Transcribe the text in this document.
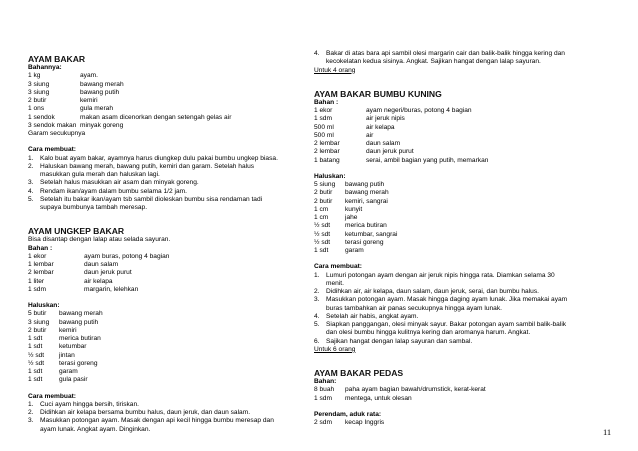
AYAM BAKAR
Bahannya:
1 kg	ayam.
3 siung	bawang merah
3 siung	bawang putih
2 butir	kemiri
1 ons	gula merah
1 sendok	makan asam dicenorkan dengan setengah gelas air
3 sendok makan minyak goreng
Garam secukupnya
Cara membuat:
1. Kalo buat ayam bakar, ayamnya harus diungkep dulu pakai bumbu ungkep biasa.
2. Haluskan bawang merah, bawang putih, kemiri dan garam. Setelah halus
masukkan gula merah dan haluskan lagi.
3. Setelah halus masukkan air asam dan minyak goreng.
4. Rendam ikan/ayam dalam bumbu selama 1/2 jam.
5. Setelah itu bakar ikan/ayam tsb sambil dioleskan bumbu sisa rendaman tadi
supaya bumbunya tambah meresap.
AYAM UNGKEP BAKAR
Bisa disantap dengan lalap atau selada sayuran.
Bahan :
1 ekor	ayam buras, potong 4 bagian
1 lembar	daun salam
2 lembar	daun jeruk purut
1 liter	air kelapa
1 sdm	margarin, lelehkan
Haluskan:
5 butir	bawang merah
3 siung	bawang putih
2 butir	kemiri
1 sdt	merica butiran
1 sdt	ketumbar
½ sdt	jintan
½ sdt	terasi goreng
1 sdt	garam
1 sdt	gula pasir
Cara membuat:
1. Cuci ayam hingga bersih, tiriskan.
2. Didihkan air kelapa bersama bumbu halus, daun jeruk, dan daun salam.
3. Masukkan potongan ayam. Masak dengan api kecil hingga bumbu meresap dan
ayam lunak. Angkat ayam. Dinginkan.
4. Bakar di atas bara api sambil olesi margarin cair dan balik-balik hingga kering dan
kecokelatan kedua sisinya. Angkat. Sajikan hangat dengan lalap sayuran.
Untuk 4 orang
AYAM BAKAR BUMBU KUNING
Bahan :
1 ekor	ayam negeri/buras, potong 4 bagian
1 sdm	air jeruk nipis
500 ml	air kelapa
500 ml	air
2 lembar	daun salam
2 lembar	daun jeruk purut
1 batang	serai, ambil bagian yang putih, memarkan
Haluskan:
5 siung	bawang putih
2 butir	bawang merah
2 butir	kemiri, sangrai
1 cm	kunyit
1 cm	jahe
½ sdt	merica butiran
½ sdt	ketumbar, sangrai
½ sdt	terasi goreng
1 sdt	garam
Cara membuat:
1. Lumuri potongan ayam dengan air jeruk nipis hingga rata. Diamkan selama 30
menit.
2. Didihkan air, air kelapa, daun salam, daun jeruk, serai, dan bumbu halus.
3. Masukkan potongan ayam. Masak hingga daging ayam lunak. Jika memakai ayam
buras tambahkan air panas secukupnya hingga ayam lunak.
4. Setelah air habis, angkat ayam.
5. Siapkan panggangan, olesi minyak sayur. Bakar potongan ayam sambil balik-balik
dan olesi bumbu hingga kulitnya kering dan aromanya harum. Angkat.
6. Sajikan hangat dengan lalap sayuran dan sambal.
Untuk 6 orang
AYAM BAKAR PEDAS
Bahan:
8 buah	paha ayam bagian bawah/drumstick, kerat-kerat
1 sdm	mentega, untuk olesan
Perendam, aduk rata:
2 sdm	kecap Inggris
11
